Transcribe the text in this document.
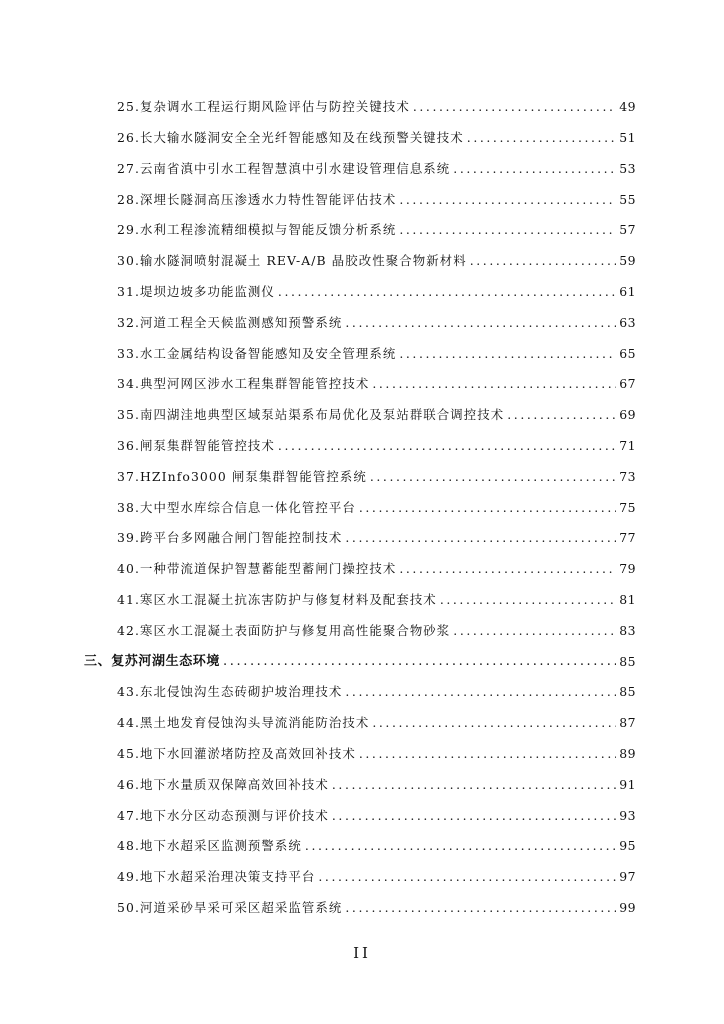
25.复杂调水工程运行期风险评估与防控关键技术 .....	49
26.长大输水隧洞安全全光纤智能感知及在线预警关键技术 .....	51
27.云南省滇中引水工程智慧滇中引水建设管理信息系统 .....	53
28.深埋长隧洞高压渗透水力特性智能评估技术 .....	55
29.水利工程渗流精细模拟与智能反馈分析系统 .....	57
30.输水隧洞喷射混凝土 REV-A/B 晶胶改性聚合物新材料 .....	59
31.堤坝边坡多功能监测仪 .....	61
32.河道工程全天候监测感知预警系统 .....	63
33.水工金属结构设备智能感知及安全管理系统 .....	65
34.典型河网区涉水工程集群智能管控技术 .....	67
35.南四湖洼地典型区域泵站渠系布局优化及泵站群联合调控技术 .....	69
36.闸泵集群智能管控技术 .....	71
37.HZInfo3000 闸泵集群智能管控系统 .....	73
38.大中型水库综合信息一体化管控平台 .....	75
39.跨平台多网融合闸门智能控制技术 .....	77
40.一种带流道保护智慧蓄能型蓄闸门操控技术 .....	79
41.寒区水工混凝土抗冻害防护与修复材料及配套技术 .....	81
42.寒区水工混凝土表面防护与修复用高性能聚合物砂浆 .....	83
三、复苏河湖生态环境 .....	85
43.东北侵蚀沟生态砖砌护坡治理技术 .....	85
44.黑土地发育侵蚀沟头导流消能防治技术 .....	87
45.地下水回灌淤堵防控及高效回补技术 .....	89
46.地下水量质双保障高效回补技术 .....	91
47.地下水分区动态预测与评价技术 .....	93
48.地下水超采区监测预警系统 .....	95
49.地下水超采治理决策支持平台 .....	97
50.河道采砂旱采可采区超采监管系统 .....	99
II
